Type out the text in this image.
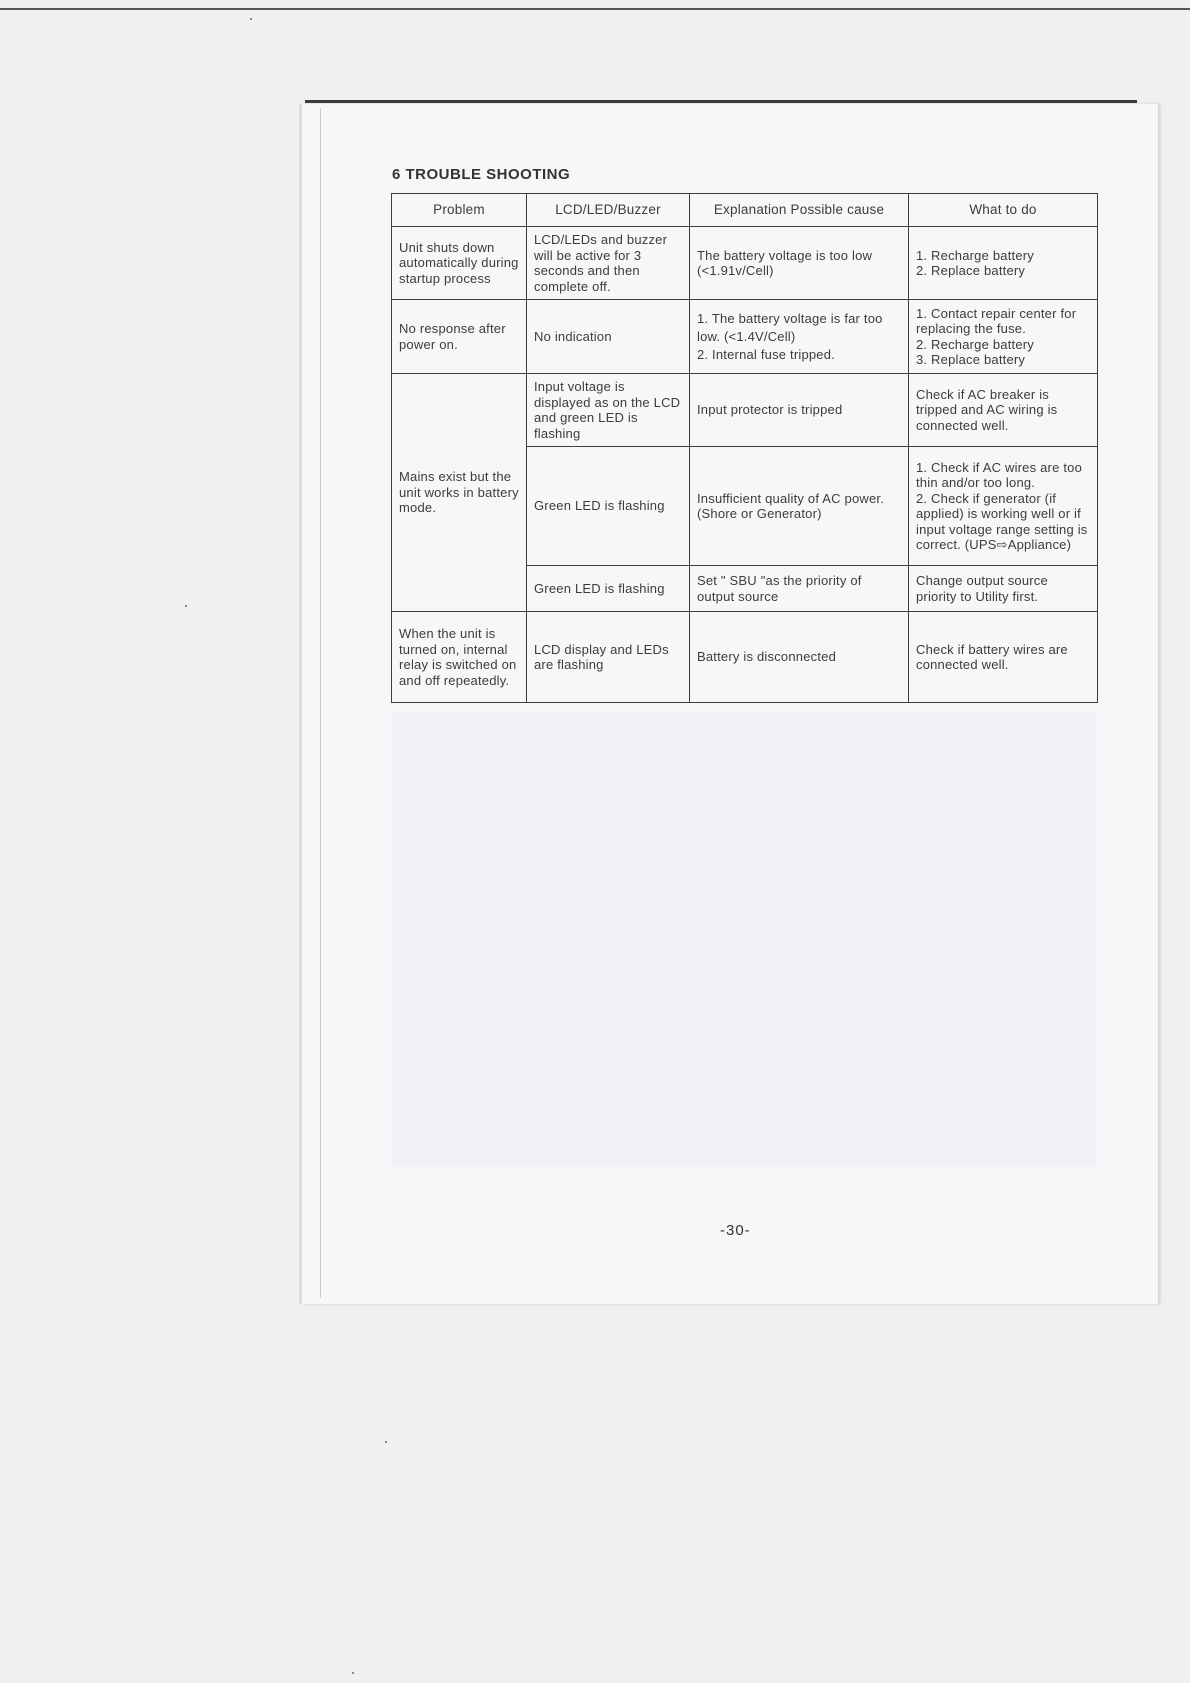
6 TROUBLE SHOOTING
Problem	LCD/LED/Buzzer	Explanation Possible cause	What to do
Unit shuts down automatically during startup process	LCD/LEDs and buzzer will be active for 3 seconds and then complete off.	The battery voltage is too low (<1.91v/Cell)	1. Recharge battery
2. Replace battery

No response after power on.	No indication	1. The battery voltage is far too low. (<1.4V/Cell)
2. Internal fuse tripped.	1. Contact repair center for replacing the fuse.
2. Recharge battery
3. Replace battery

Mains exist but the unit works in battery mode.	Input voltage is displayed as on the LCD and green LED is flashing	Input protector is tripped	Check if AC breaker is tripped and AC wiring is connected well.

	Green LED is flashing	Insufficient quality of AC power. (Shore or Generator)	1. Check if AC wires are too thin and/or too long.
2. Check if generator (if applied) is working well or if input voltage range setting is correct. (UPS⇨Appliance)

	Green LED is flashing	Set " SBU "as the priority of output source	Change output source priority to Utility first.

When the unit is turned on, internal relay is switched on and off repeatedly.	LCD display and LEDs are flashing	Battery is disconnected	Check if battery wires are connected well.
-30-
